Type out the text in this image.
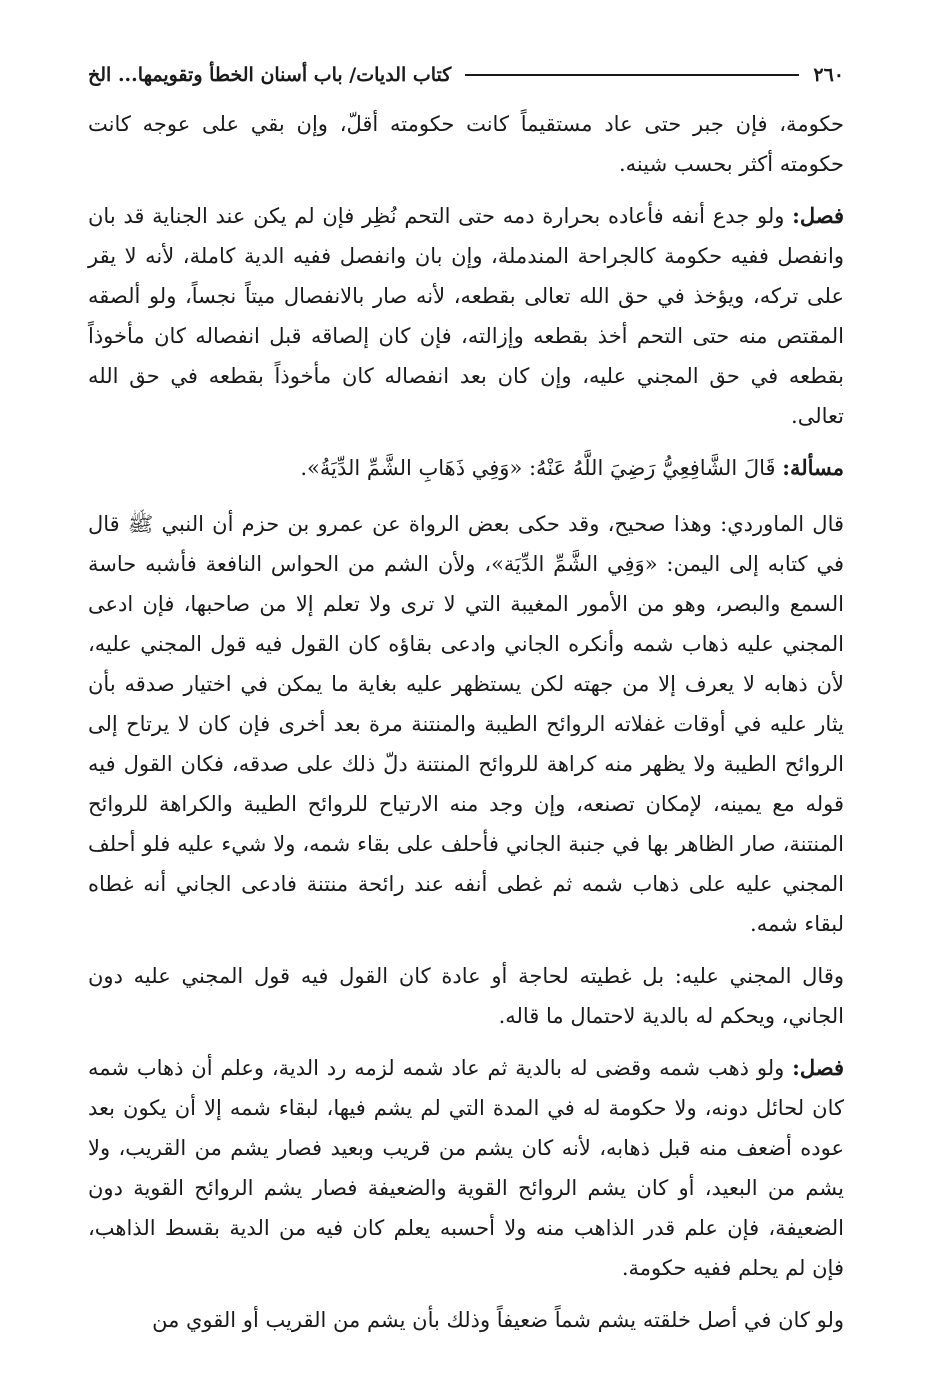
٢٦٠
كتاب الديات/ باب أسنان الخطأ وتقويمها... الخ

حكومة، فإن جبر حتى عاد مستقيماً كانت حكومته أقلّ، وإن بقي على عوجه كانت حكومته أكثر بحسب شينه.

فصل: ولو جدع أنفه فأعاده بحرارة دمه حتى التحم نُظِر فإن لم يكن عند الجناية قد بان وانفصل ففيه حكومة كالجراحة المندملة، وإن بان وانفصل ففيه الدية كاملة، لأنه لا يقر على تركه، ويؤخذ في حق الله تعالى بقطعه، لأنه صار بالانفصال ميتاً نجساً، ولو ألصقه المقتص منه حتى التحم أخذ بقطعه وإزالته، فإن كان إلصاقه قبل انفصاله كان مأخوذاً بقطعه في حق المجني عليه، وإن كان بعد انفصاله كان مأخوذاً بقطعه في حق الله تعالى.

مسألة: قَالَ الشَّافِعِيُّ رَضِيَ اللَّهُ عَنْهُ: «وَفِي ذَهَابِ الشَّمِّ الدِّيَةُ».

قال الماوردي: وهذا صحيح، وقد حكى بعض الرواة عن عمرو بن حزم أن النبي ﷺ قال في كتابه إلى اليمن: «وَفِي الشَّمِّ الدِّيَة»، ولأن الشم من الحواس النافعة فأشبه حاسة السمع والبصر، وهو من الأمور المغيبة التي لا ترى ولا تعلم إلا من صاحبها، فإن ادعى المجني عليه ذهاب شمه وأنكره الجاني وادعى بقاؤه كان القول فيه قول المجني عليه، لأن ذهابه لا يعرف إلا من جهته لكن يستظهر عليه بغاية ما يمكن في اختيار صدقه بأن يثار عليه في أوقات غفلاته الروائح الطيبة والمنتنة مرة بعد أخرى فإن كان لا يرتاح إلى الروائح الطيبة ولا يظهر منه كراهة للروائح المنتنة دلّ ذلك على صدقه، فكان القول فيه قوله مع يمينه، لإمكان تصنعه، وإن وجد منه الارتياح للروائح الطيبة والكراهة للروائح المنتنة، صار الظاهر بها في جنبة الجاني فأحلف على بقاء شمه، ولا شيء عليه فلو أحلف المجني عليه على ذهاب شمه ثم غطى أنفه عند رائحة منتنة فادعى الجاني أنه غطاه لبقاء شمه.

وقال المجني عليه: بل غطيته لحاجة أو عادة كان القول فيه قول المجني عليه دون الجاني، ويحكم له بالدية لاحتمال ما قاله.

فصل: ولو ذهب شمه وقضى له بالدية ثم عاد شمه لزمه رد الدية، وعلم أن ذهاب شمه كان لحائل دونه، ولا حكومة له في المدة التي لم يشم فيها، لبقاء شمه إلا أن يكون بعد عوده أضعف منه قبل ذهابه، لأنه كان يشم من قريب وبعيد فصار يشم من القريب، ولا يشم من البعيد، أو كان يشم الروائح القوية والضعيفة فصار يشم الروائح القوية دون الضعيفة، فإن علم قدر الذاهب منه ولا أحسبه يعلم كان فيه من الدية بقسط الذاهب، فإن لم يحلم ففيه حكومة.

ولو كان في أصل خلقته يشم شماً ضعيفاً وذلك بأن يشم من القريب أو القوي من
